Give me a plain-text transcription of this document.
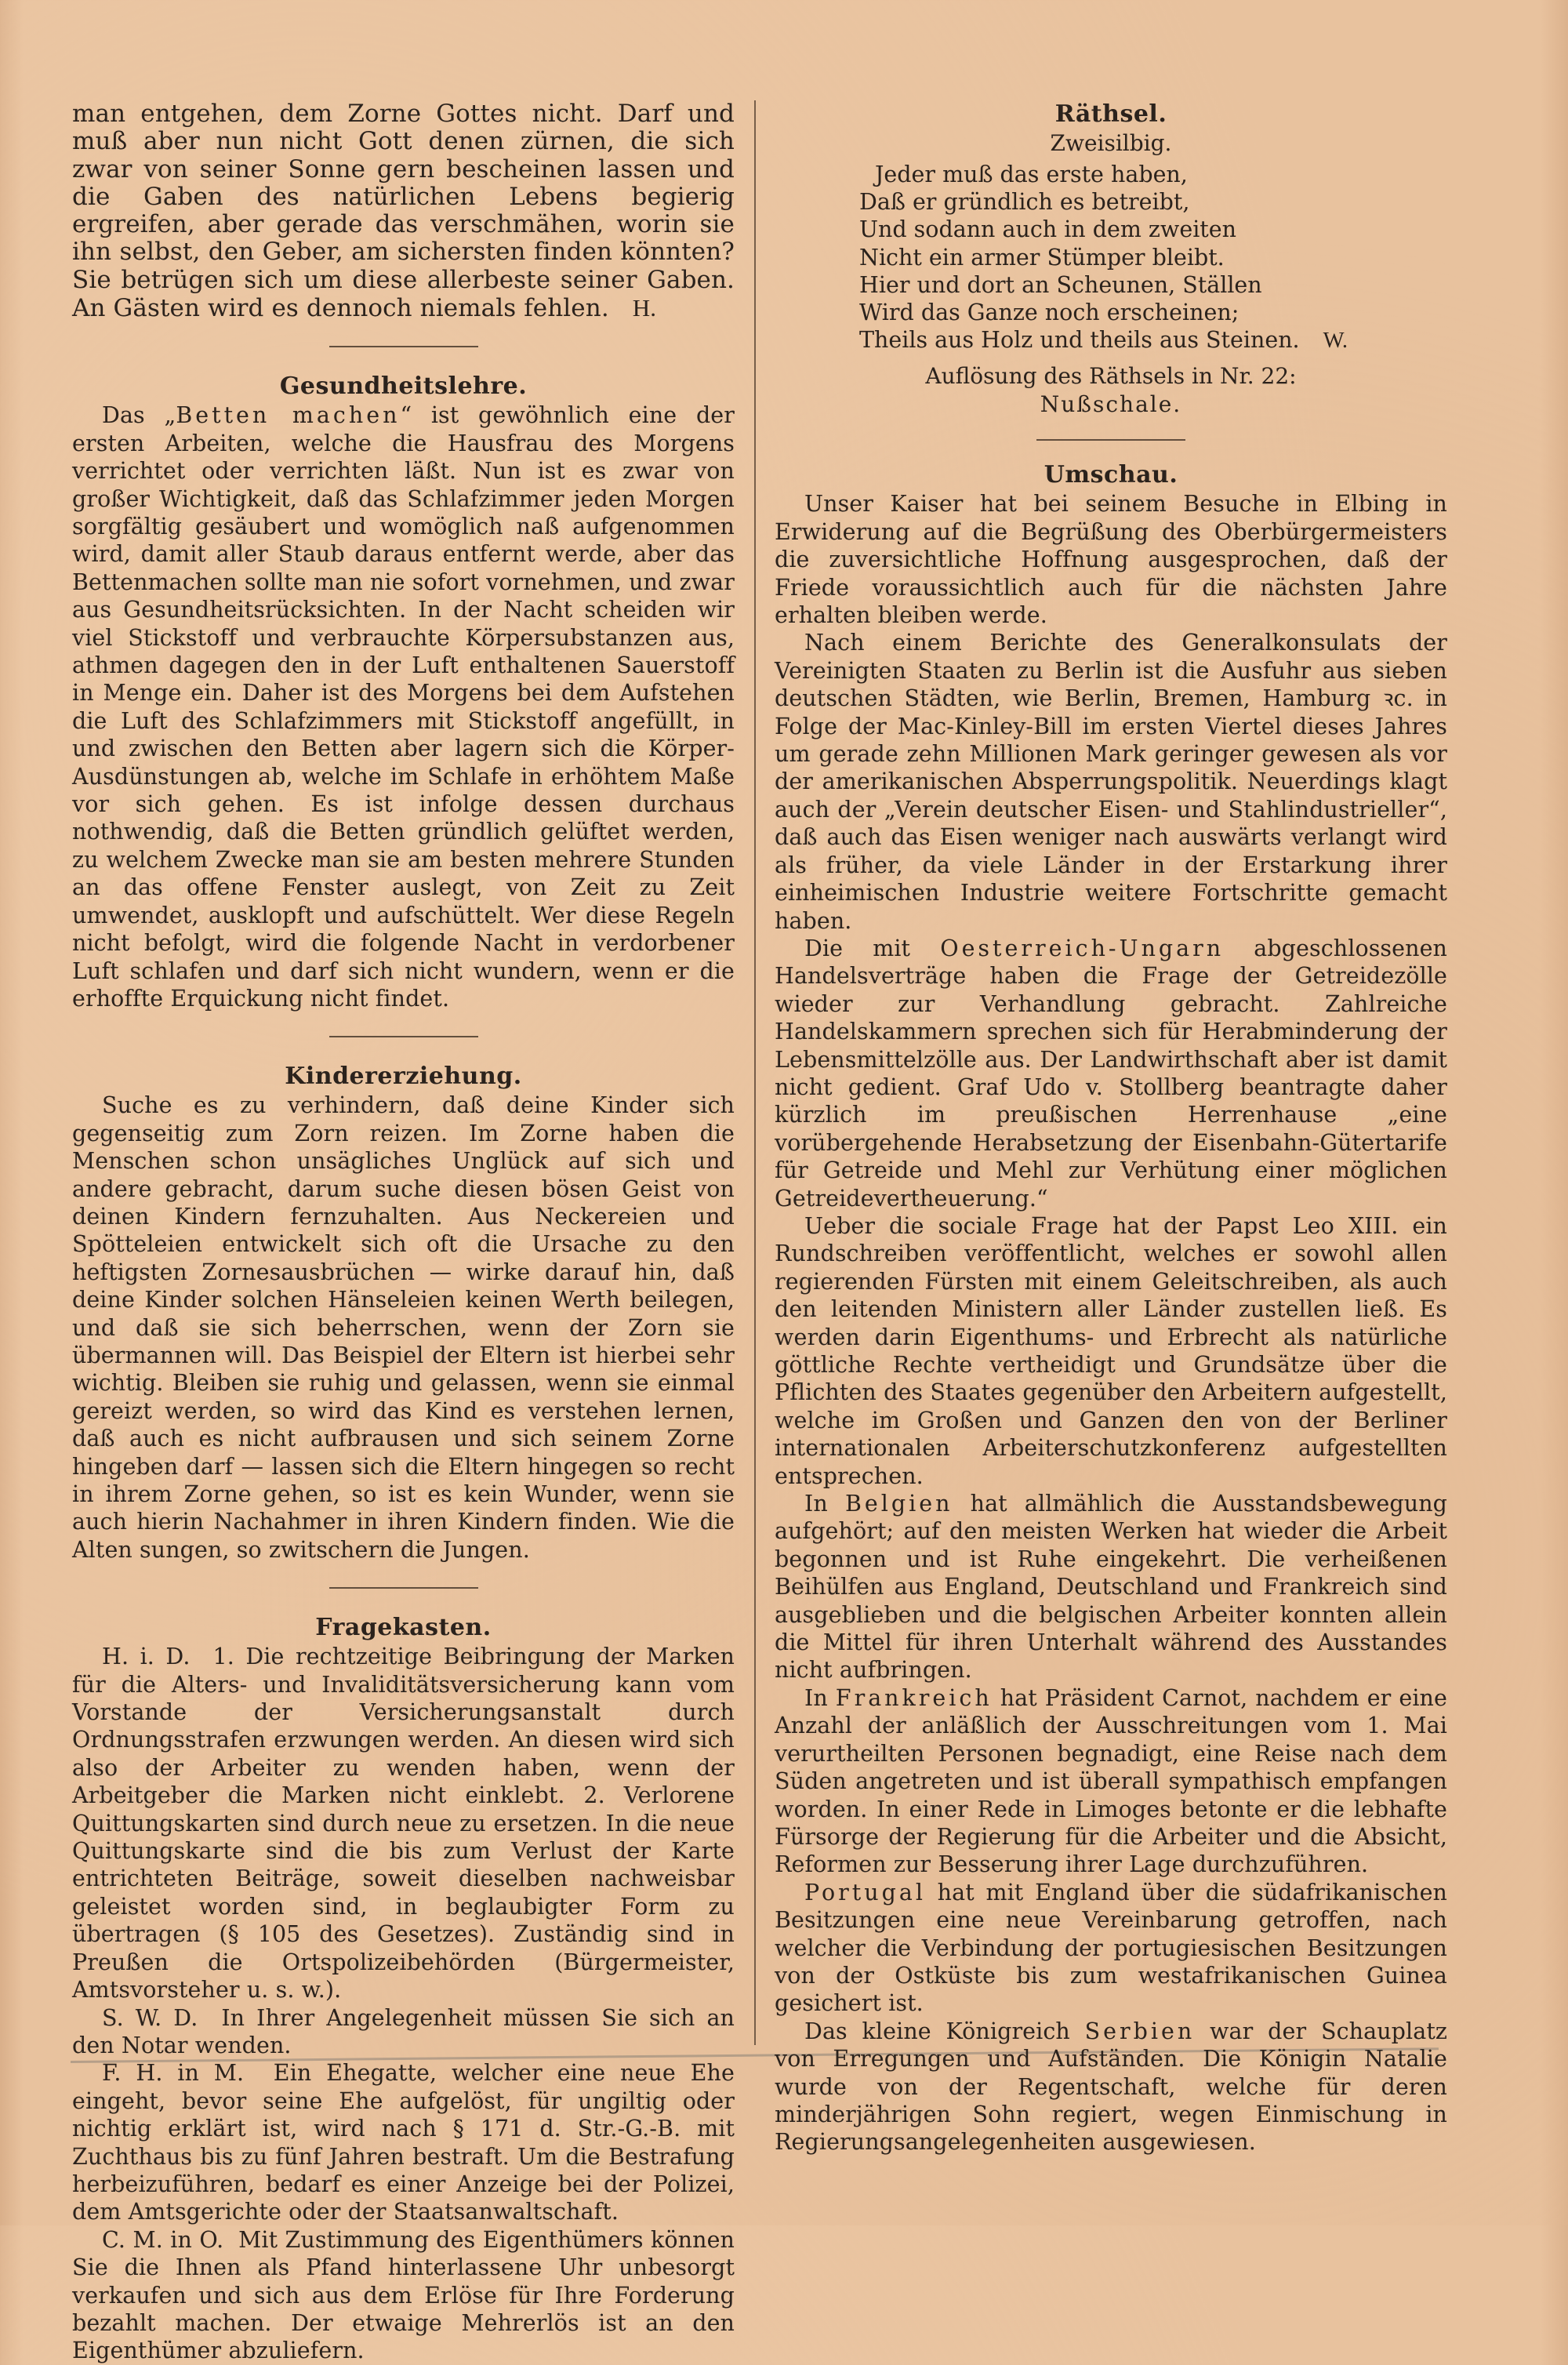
man entgehen, dem Zorne Gottes nicht. Darf und muß aber nun nicht Gott denen zürnen, die sich zwar von seiner Sonne gern bescheinen lassen und die Gaben des natürlichen Lebens begierig ergreifen, aber gerade das verschmähen, worin sie ihn selbst, den Geber, am sichersten finden könnten? Sie betrügen sich um diese allerbeste seiner Gaben. An Gästen wird es dennoch niemals fehlen. H.

Gesundheitslehre.

Das „Betten machen“ ist gewöhnlich eine der ersten Arbeiten, welche die Hausfrau des Morgens verrichtet oder verrichten läßt. Nun ist es zwar von großer Wichtigkeit, daß das Schlafzimmer jeden Morgen sorgfältig gesäubert und womöglich naß aufgenommen wird, damit aller Staub daraus entfernt werde, aber das Bettenmachen sollte man nie sofort vornehmen, und zwar aus Gesundheitsrücksichten. In der Nacht scheiden wir viel Stickstoff und verbrauchte Körpersubstanzen aus, athmen dagegen den in der Luft enthaltenen Sauerstoff in Menge ein. Daher ist des Morgens bei dem Aufstehen die Luft des Schlafzimmers mit Stickstoff angefüllt, in und zwischen den Betten aber lagern sich die Körper-Ausdünstungen ab, welche im Schlafe in erhöhtem Maße vor sich gehen. Es ist infolge dessen durchaus nothwendig, daß die Betten gründlich gelüftet werden, zu welchem Zwecke man sie am besten mehrere Stunden an das offene Fenster auslegt, von Zeit zu Zeit umwendet, ausklopft und aufschüttelt. Wer diese Regeln nicht befolgt, wird die folgende Nacht in verdorbener Luft schlafen und darf sich nicht wundern, wenn er die erhoffte Erquickung nicht findet.

Kindererziehung.

Suche es zu verhindern, daß deine Kinder sich gegenseitig zum Zorn reizen. Im Zorne haben die Menschen schon unsägliches Unglück auf sich und andere gebracht, darum suche diesen bösen Geist von deinen Kindern fernzuhalten. Aus Neckereien und Spötteleien entwickelt sich oft die Ursache zu den heftigsten Zornesausbrüchen — wirke darauf hin, daß deine Kinder solchen Hänseleien keinen Werth beilegen, und daß sie sich beherrschen, wenn der Zorn sie übermannen will. Das Beispiel der Eltern ist hierbei sehr wichtig. Bleiben sie ruhig und gelassen, wenn sie einmal gereizt werden, so wird das Kind es verstehen lernen, daß auch es nicht aufbrausen und sich seinem Zorne hingeben darf — lassen sich die Eltern hingegen so recht in ihrem Zorne gehen, so ist es kein Wunder, wenn sie auch hierin Nachahmer in ihren Kindern finden. Wie die Alten sungen, so zwitschern die Jungen.

Fragekasten.

H. i. D. 1. Die rechtzeitige Beibringung der Marken für die Alters- und Invaliditätsversicherung kann vom Vorstande der Versicherungsanstalt durch Ordnungsstrafen erzwungen werden. An diesen wird sich also der Arbeiter zu wenden haben, wenn der Arbeitgeber die Marken nicht einklebt. 2. Verlorene Quittungskarten sind durch neue zu ersetzen. In die neue Quittungskarte sind die bis zum Verlust der Karte entrichteten Beiträge, soweit dieselben nachweisbar geleistet worden sind, in beglaubigter Form zu übertragen (§ 105 des Gesetzes). Zuständig sind in Preußen die Ortspolizeibehörden (Bürgermeister, Amtsvorsteher u. s. w.).

S. W. D. In Ihrer Angelegenheit müssen Sie sich an den Notar wenden.

F. H. in M. Ein Ehegatte, welcher eine neue Ehe eingeht, bevor seine Ehe aufgelöst, für ungiltig oder nichtig erklärt ist, wird nach § 171 d. Str.-G.-B. mit Zuchthaus bis zu fünf Jahren bestraft. Um die Bestrafung herbeizuführen, bedarf es einer Anzeige bei der Polizei, dem Amtsgerichte oder der Staatsanwaltschaft.

C. M. in O. Mit Zustimmung des Eigenthümers können Sie die Ihnen als Pfand hinterlassene Uhr unbesorgt verkaufen und sich aus dem Erlöse für Ihre Forderung bezahlt machen. Der etwaige Mehrerlös ist an den Eigenthümer abzuliefern.

Räthsel.
Zweisilbig.
Jeder muß das erste haben,
Daß er gründlich es betreibt,
Und sodann auch in dem zweiten
Nicht ein armer Stümper bleibt.
Hier und dort an Scheunen, Ställen
Wird das Ganze noch erscheinen;
Theils aus Holz und theils aus Steinen. W.
Auflösung des Räthsels in Nr. 22:
Nußschale.
Umschau.

Unser Kaiser hat bei seinem Besuche in Elbing in Erwiderung auf die Begrüßung des Oberbürgermeisters die zuversichtliche Hoffnung ausgesprochen, daß der Friede voraussichtlich auch für die nächsten Jahre erhalten bleiben werde.

Nach einem Berichte des Generalkonsulats der Vereinigten Staaten zu Berlin ist die Ausfuhr aus sieben deutschen Städten, wie Berlin, Bremen, Hamburg ꝛc. in Folge der Mac-Kinley-Bill im ersten Viertel dieses Jahres um gerade zehn Millionen Mark geringer gewesen als vor der amerikanischen Absperrungspolitik. Neuerdings klagt auch der „Verein deutscher Eisen- und Stahlindustrieller“, daß auch das Eisen weniger nach auswärts verlangt wird als früher, da viele Länder in der Erstarkung ihrer einheimischen Industrie weitere Fortschritte gemacht haben.

Die mit Oesterreich-Ungarn abgeschlossenen Handelsverträge haben die Frage der Getreidezölle wieder zur Verhandlung gebracht. Zahlreiche Handelskammern sprechen sich für Herabminderung der Lebensmittelzölle aus. Der Landwirthschaft aber ist damit nicht gedient. Graf Udo v. Stollberg beantragte daher kürzlich im preußischen Herrenhause „eine vorübergehende Herabsetzung der Eisenbahn-Gütertarife für Getreide und Mehl zur Verhütung einer möglichen Getreidevertheuerung.“

Ueber die sociale Frage hat der Papst Leo XIII. ein Rundschreiben veröffentlicht, welches er sowohl allen regierenden Fürsten mit einem Geleitschreiben, als auch den leitenden Ministern aller Länder zustellen ließ. Es werden darin Eigenthums- und Erbrecht als natürliche göttliche Rechte vertheidigt und Grundsätze über die Pflichten des Staates gegenüber den Arbeitern aufgestellt, welche im Großen und Ganzen den von der Berliner internationalen Arbeiterschutzkonferenz aufgestellten entsprechen.

In Belgien hat allmählich die Ausstandsbewegung aufgehört; auf den meisten Werken hat wieder die Arbeit begonnen und ist Ruhe eingekehrt. Die verheißenen Beihülfen aus England, Deutschland und Frankreich sind ausgeblieben und die belgischen Arbeiter konnten allein die Mittel für ihren Unterhalt während des Ausstandes nicht aufbringen.

In Frankreich hat Präsident Carnot, nachdem er eine Anzahl der anläßlich der Ausschreitungen vom 1. Mai verurtheilten Personen begnadigt, eine Reise nach dem Süden angetreten und ist überall sympathisch empfangen worden. In einer Rede in Limoges betonte er die lebhafte Fürsorge der Regierung für die Arbeiter und die Absicht, Reformen zur Besserung ihrer Lage durchzuführen.

Portugal hat mit England über die südafrikanischen Besitzungen eine neue Vereinbarung getroffen, nach welcher die Verbindung der portugiesischen Besitzungen von der Ostküste bis zum westafrikanischen Guinea gesichert ist.

Das kleine Königreich Serbien war der Schauplatz von Erregungen und Aufständen. Die Königin Natalie wurde von der Regentschaft, welche für deren minderjährigen Sohn regiert, wegen Einmischung in Regierungsangelegenheiten ausgewiesen.
